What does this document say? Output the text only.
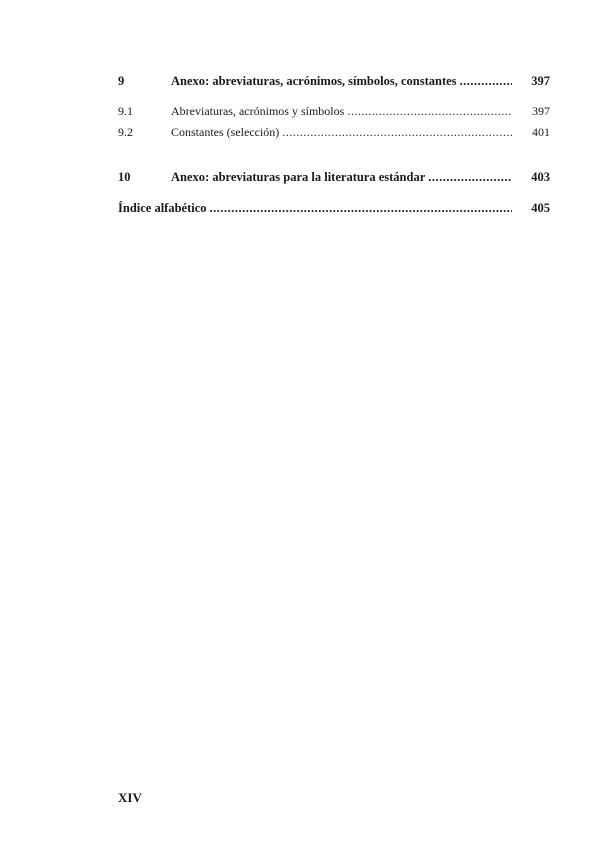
9	Anexo: abreviaturas, acrónimos, símbolos, constantes .....	397
9.1	Abreviaturas, acrónimos y símbolos .....	397
9.2	Constantes (selección) .....	401
10	Anexo: abreviaturas para la literatura estándar .....	403
Índice alfabético .....	405
XIV
